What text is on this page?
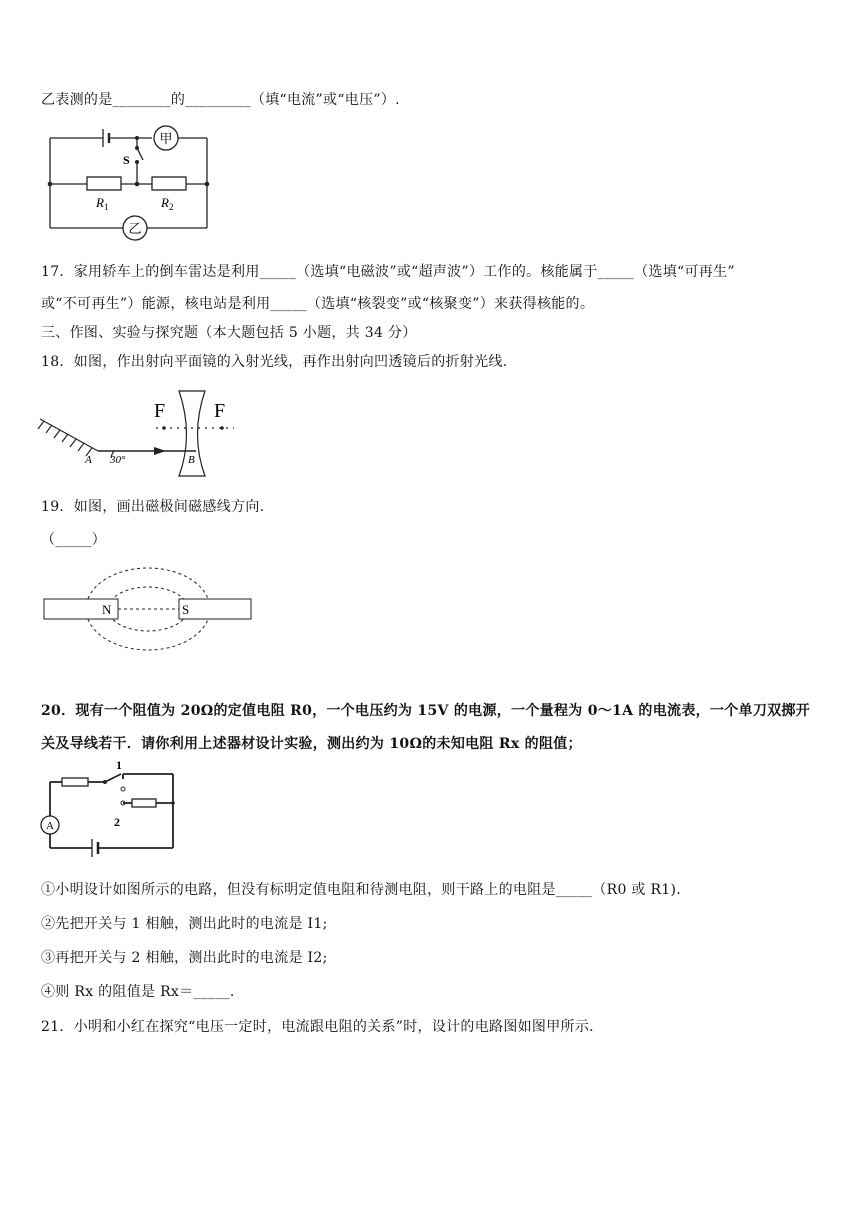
乙表测的是________的_________（填“电流”或“电压”）.
甲
乙
S
$R_1$	$R_2$
17．家用轿车上的倒车雷达是利用_____（选填“电磁波”或“超声波”）工作的。核能属于_____（选填“可再生”
或“不可再生”）能源，核电站是利用_____（选填“核裂变”或“核聚变”）来获得核能的。
三、作图、实验与探究题（本大题包括 5 小题，共 34 分）
18．如图，作出射向平面镜的入射光线，再作出射向凹透镜后的折射光线.
F F
A 30°	B
19．如图，画出磁极间磁感线方向.
（_____）
N	S
20．现有一个阻值为 20Ω的定值电阻 R0，一个电压约为 15V 的电源，一个量程为 0～1A 的电流表，一个单刀双掷开
关及导线若干．请你利用上述器材设计实验，测出约为 10Ω的未知电阻 Rx 的阻值；
1
2
A
①小明设计如图所示的电路，但没有标明定值电阻和待测电阻，则干路上的电阻是_____（R0 或 R1).
②先把开关与 1 相触，测出此时的电流是 I1;
③再把开关与 2 相触，测出此时的电流是 I2;
④则 Rx 的阻值是 Rx＝_____.
21．小明和小红在探究“电压一定时，电流跟电阻的关系”时，设计的电路图如图甲所示.
